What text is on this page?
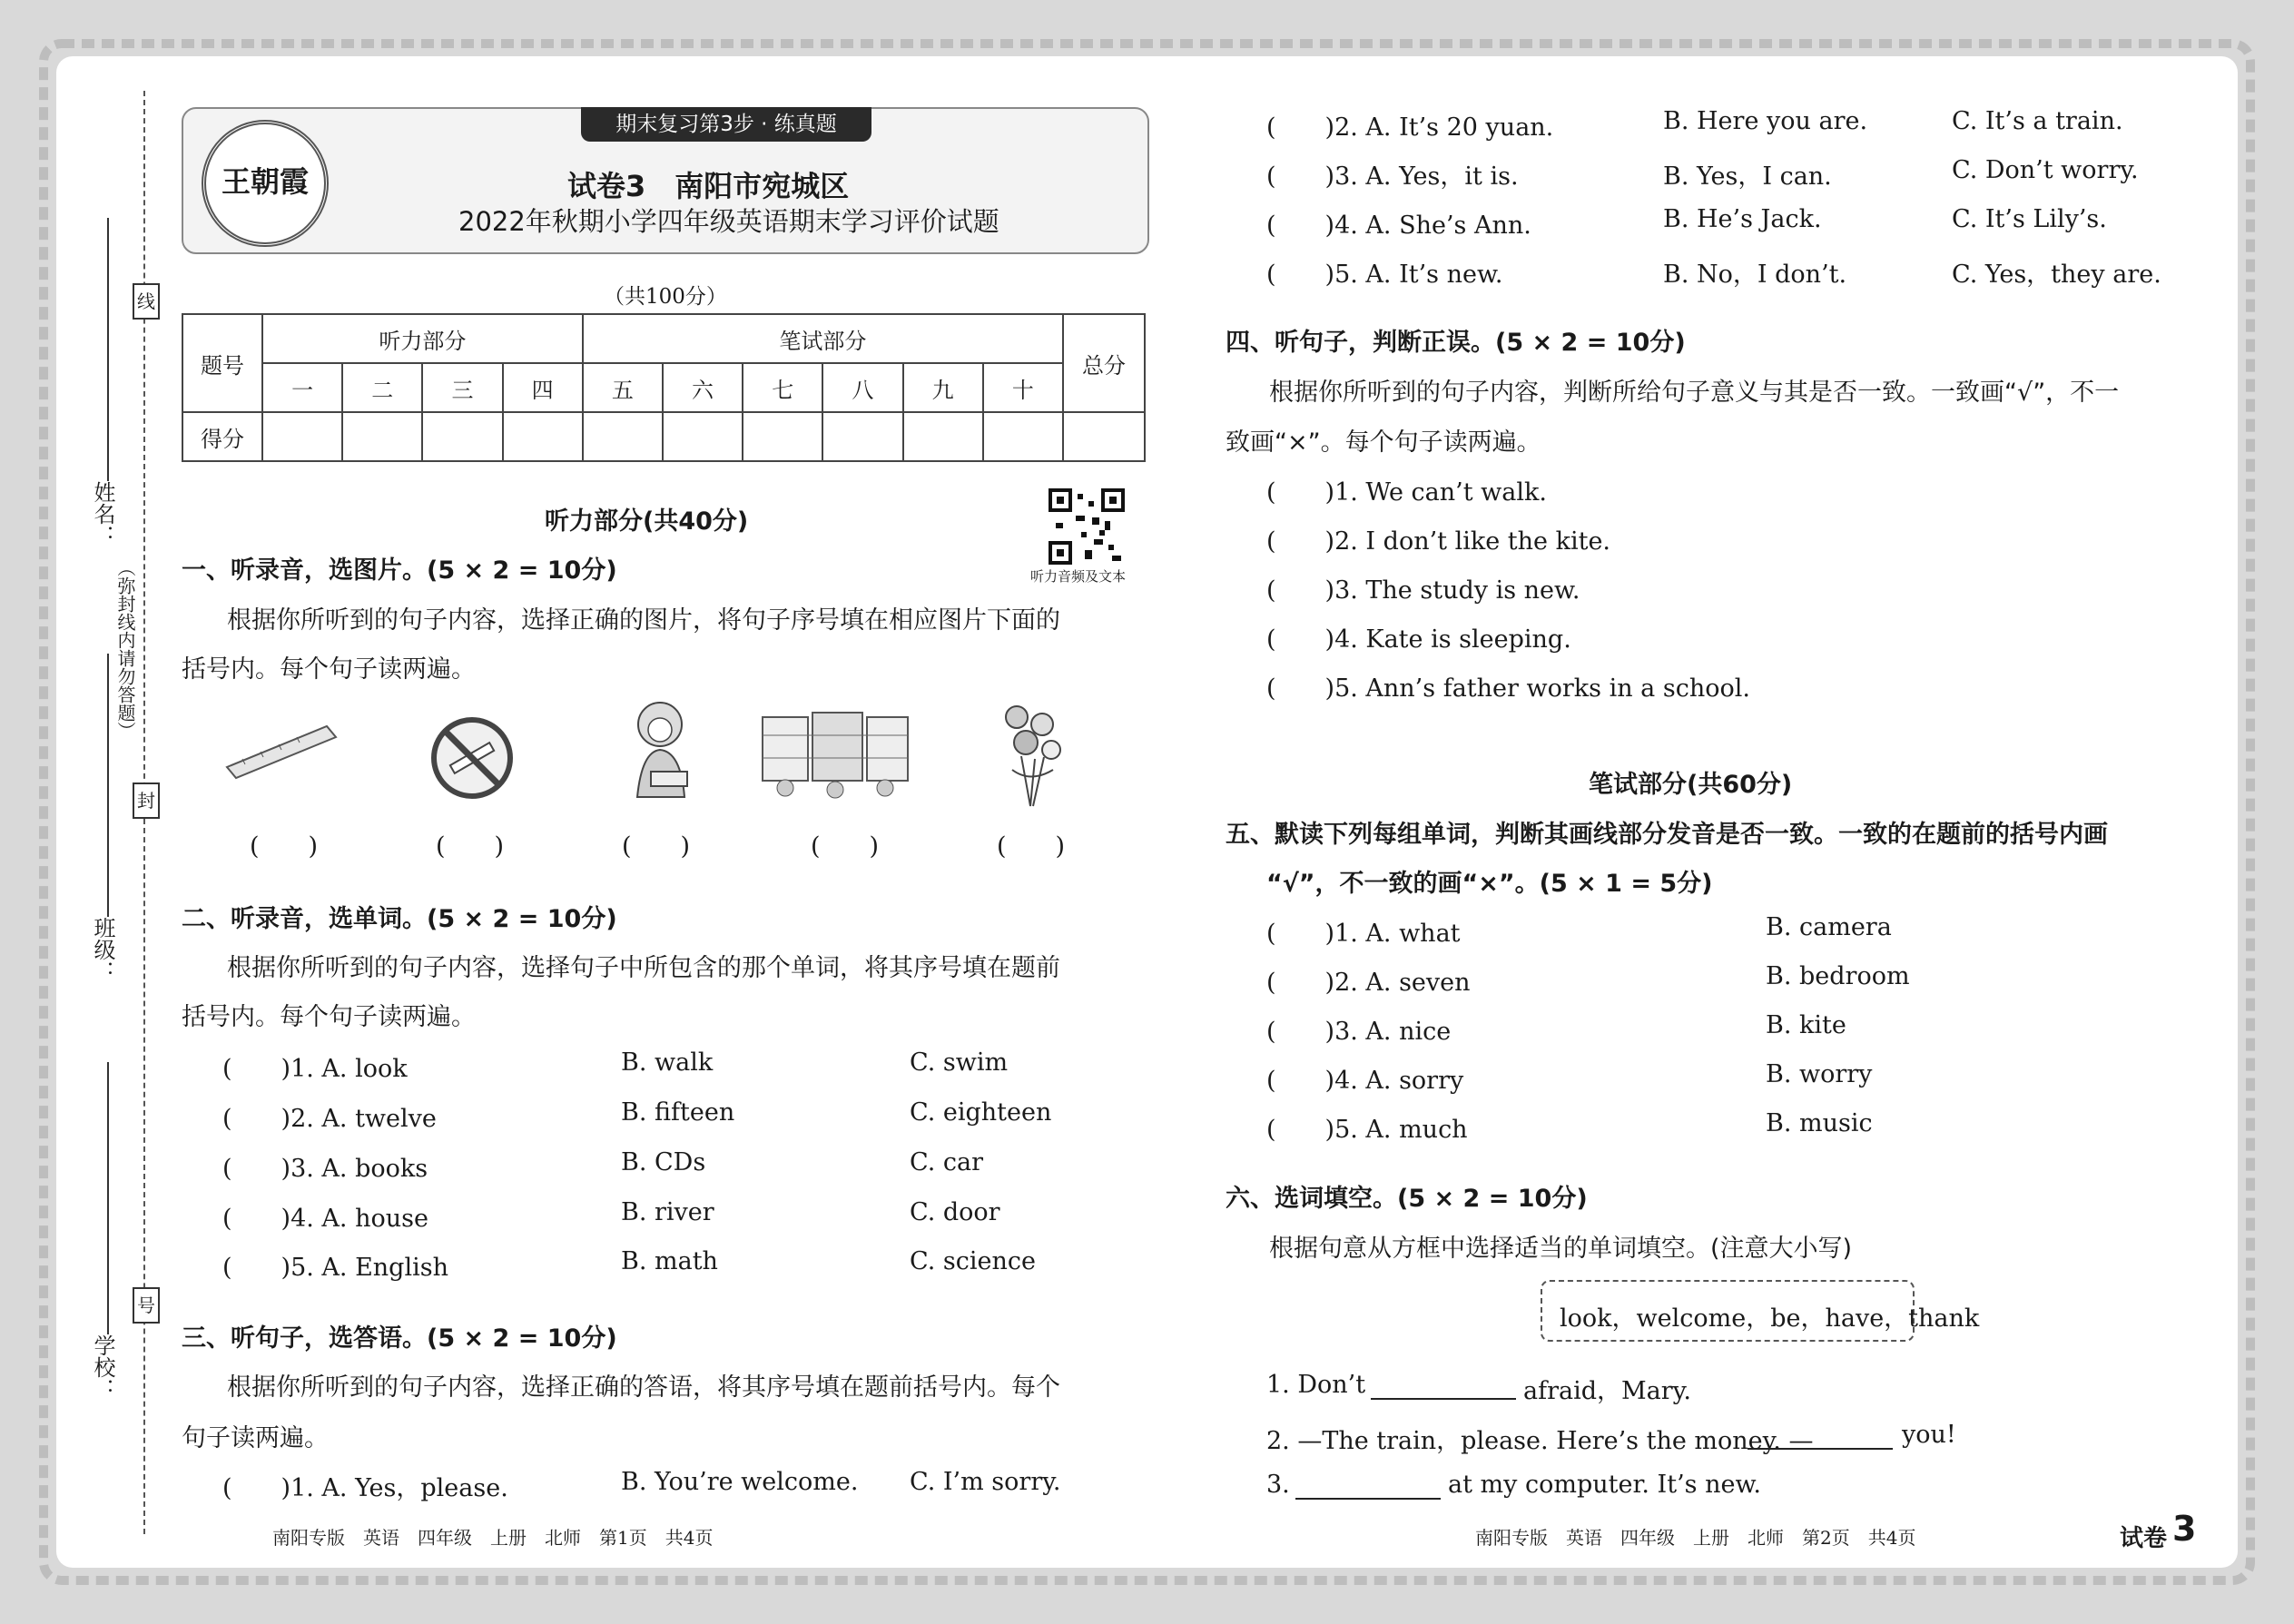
线
封
号
（弥封线内请勿答题）
姓名：
班级：
学校：
期末复习第3步 · 练真题
王朝霞	试卷3　南阳市宛城区
2022年秋期小学四年级英语期末学习评价试题
（共100分）
题号	听力部分				笔试部分						总分
	一	二	三	四	五	六	七	八	九	十	
得分											
听力部分(共40分)
听力音频及文本
一、听录音，选图片。(5 × 2 = 10分)
根据你所听到的句子内容，选择正确的图片，将句子序号填在相应图片下面的
括号内。每个句子读两遍。
(　　)	(　　)	(　　)	(　　)	(　　)
二、听录音，选单词。(5 × 2 = 10分)
根据你所听到的句子内容，选择句子中所包含的那个单词，将其序号填在题前
括号内。每个句子读两遍。
(　　)1. A. look	B. walk	C. swim
(　　)2. A. twelve	B. fifteen	C. eighteen
(　　)3. A. books	B. CDs	C. car
(　　)4. A. house	B. river	C. door
(　　)5. A. English	B. math	C. science
三、听句子，选答语。(5 × 2 = 10分)
根据你所听到的句子内容，选择正确的答语，将其序号填在题前括号内。每个
句子读两遍。
(　　)1. A. Yes，please.	B. You’re welcome. C. I’m sorry.
南阳专版　英语　四年级　上册　北师　第1页　共4页
(　　)2. A. It’s 20 yuan.	B. Here you are.	C. It’s a train.
(　　)3. A. Yes，it is.	B. Yes，I can.	C. Don’t worry.
(　　)4. A. She’s Ann.	B. He’s Jack.	C. It’s Lily’s.
(　　)5. A. It’s new.	B. No，I don’t.	C. Yes，they are.
四、听句子，判断正误。(5 × 2 = 10分)
根据你所听到的句子内容，判断所给句子意义与其是否一致。一致画“√”，不一
致画“×”。每个句子读两遍。
(　　)1. We can’t walk.
(　　)2. I don’t like the kite.
(　　)3. The study is new.
(　　)4. Kate is sleeping.
(　　)5. Ann’s father works in a school.
笔试部分(共60分)
五、默读下列每组单词，判断其画线部分发音是否一致。一致的在题前的括号内画
“√”，不一致的画“×”。(5 × 1 = 5分)
(　　)1. A. what	B. camera
(　　)2. A. seven	B. bedroom
(　　)3. A. nice	B. kite
(　　)4. A. sorry	B. worry
(　　)5. A. much	B. music
六、选词填空。(5 × 2 = 10分)
根据句意从方框中选择适当的单词填空。(注意大小写)
look，welcome，be，have，thank
1. Don’t	afraid，Mary.
2. —The train，please. Here’s the money. —	you!
3.	at my computer. It’s new.
南阳专版　英语　四年级　上册　北师　第2页　共4页	试卷 3
